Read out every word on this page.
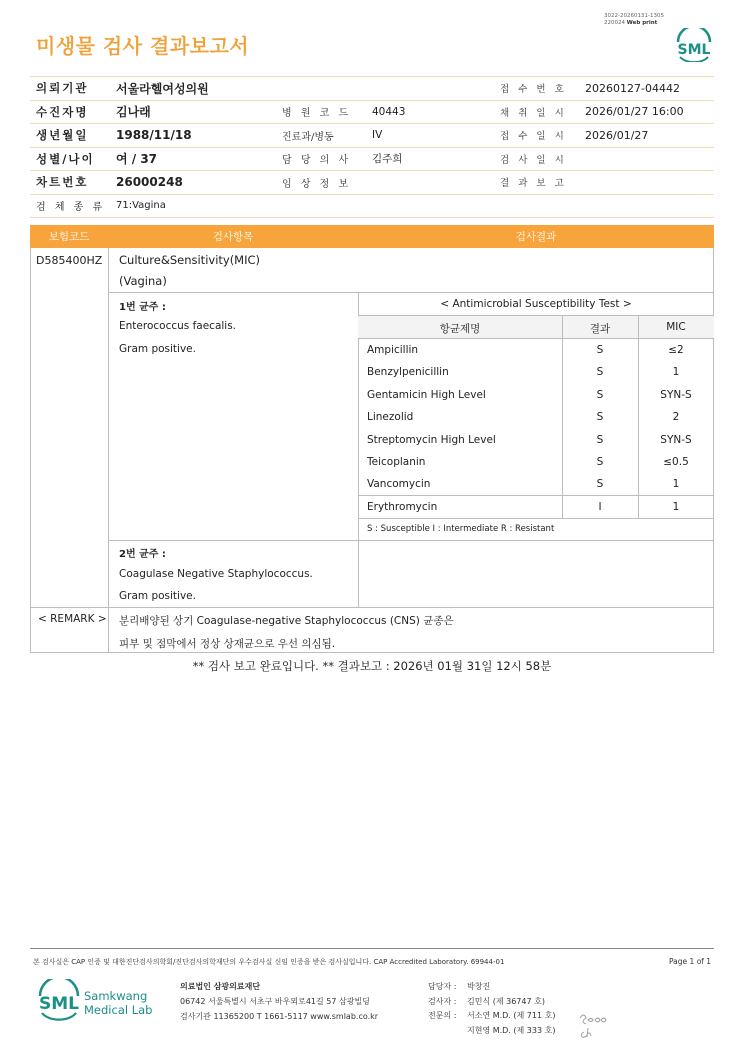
미생물 검사 결과보고서
3022-20260131-1305
220024 Web print
SML
의뢰기관	서울라헬여성의원			접 수 번 호	20260127-04442
수진자명	김나래	병 원 코 드	40443	채 취 일 시	2026/01/27 16:00
생년월일	1988/11/18	진료과/병동	IV	접 수 일 시	2026/01/27
성별/나이	여 / 37	담 당 의 사	김주희	검 사 일 시	
차트번호	26000248	임 상 정 보		결 과 보 고	
검 체 종 류	71:Vagina				
보험코드	검사항목	검사결과
D585400HZ Culture&Sensitivity(MIC)
(Vagina)
1번 균주 :
Enterococcus faecalis.
Gram positive.
< Antimicrobial Susceptibility Test >
항균제명	결과	MIC
Ampicillin	S	≤2
Benzylpenicillin	S	1
Gentamicin High Level	S	SYN-S
Linezolid	S	2
Streptomycin High Level	S	SYN-S
Teicoplanin	S	≤0.5
Vancomycin	S	1
Erythromycin	I	1
S : Susceptible I : Intermediate R : Resistant
2번 균주 :
Coagulase Negative Staphylococcus.
Gram positive.
< REMARK > 분리배양된 상기 Coagulase-negative Staphylococcus (CNS) 균종은
피부 및 점막에서 정상 상재균으로 우선 의심됨.
** 검사 보고 완료입니다. ** 결과보고 : 2026년 01월 31일 12시 58분
본 검사실은 CAP 인증 및 대한진단검사의학회/진단검사의학재단의 우수검사실 신임 인증을 받은 검사실입니다. CAP Accredited Laboratory. 69944-01	Page 1 of 1
SML Samkwang
Medical Lab
의료법인 삼광의료재단
06742 서울특별시 서초구 바우뫼로41길 57 삼광빌딩
검사기관 11365200 T 1661-5117 www.smlab.co.kr
담당자 : 박창진
검사자 : 김민식 (제 36747 호)
전문의 : 서소연 M.D. (제 711 호)
지현영 M.D. (제 333 호)
